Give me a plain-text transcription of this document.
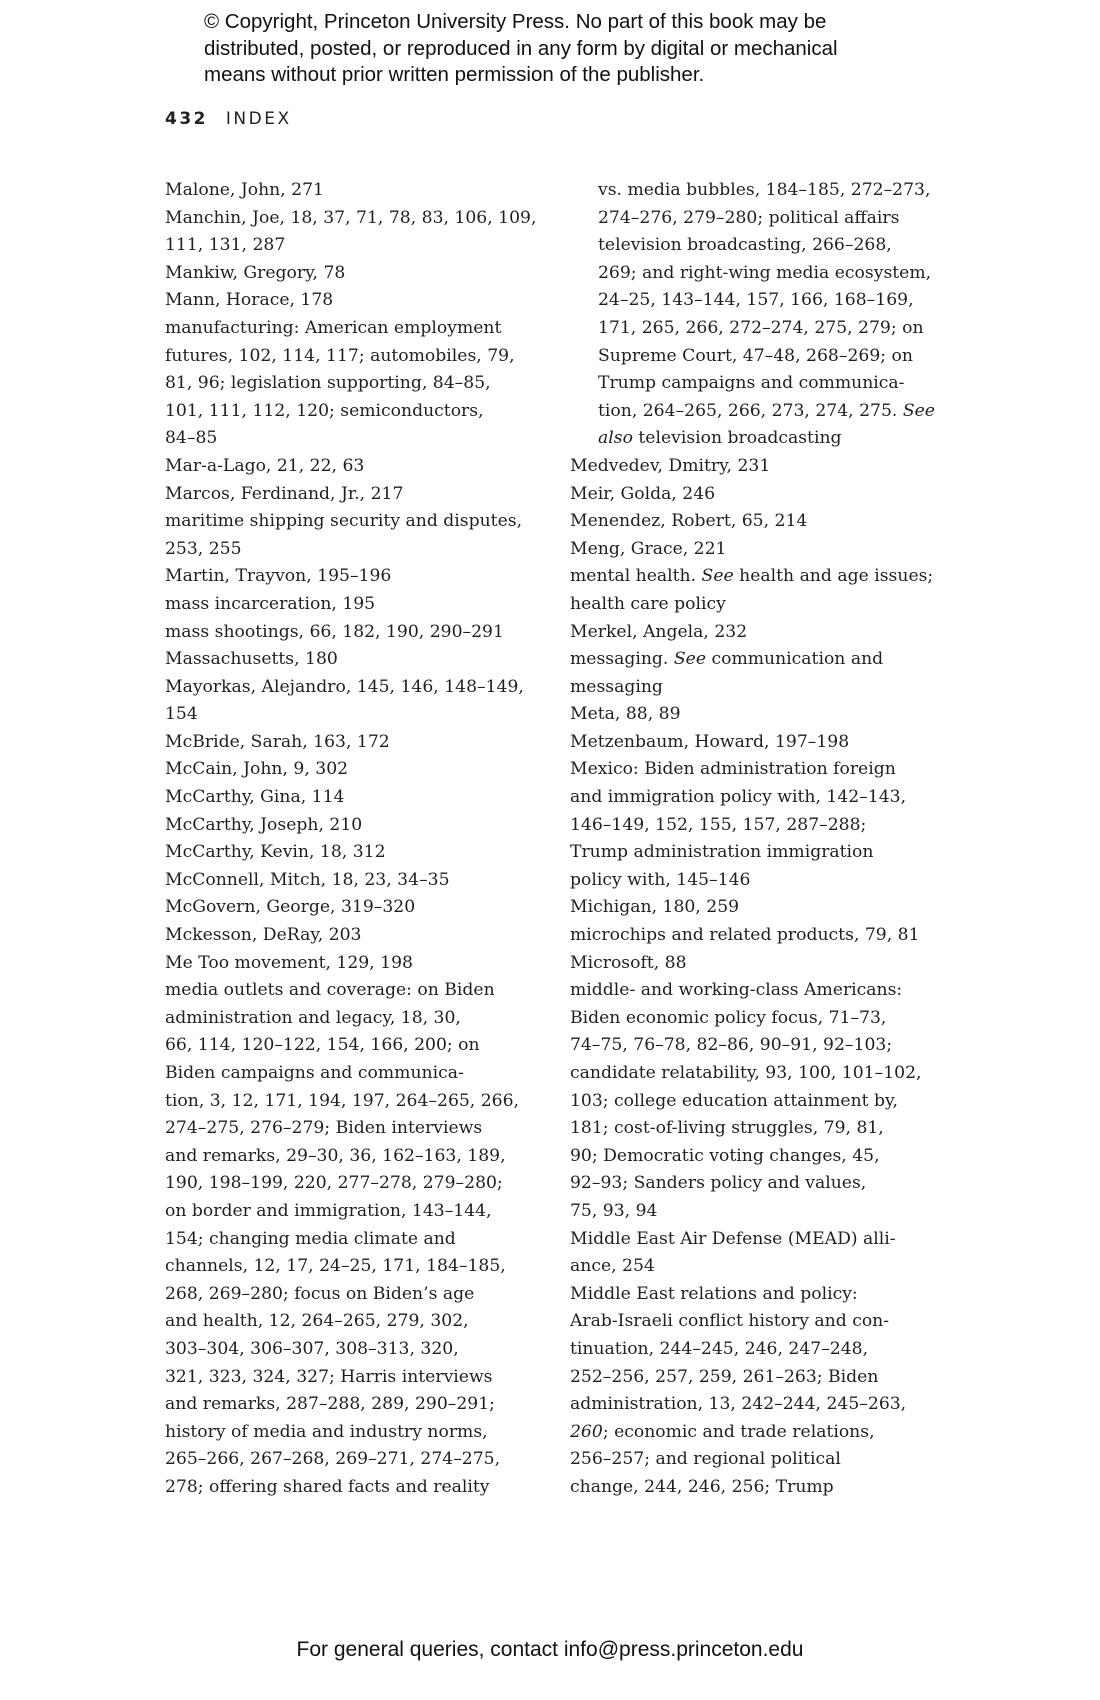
© Copyright, Princeton University Press. No part of this book may be
distributed, posted, or reproduced in any form by digital or mechanical
means without prior written permission of the publisher.
432 INDEX
Malone, John, 271
Manchin, Joe, 18, 37, 71, 78, 83, 106, 109,
111, 131, 287
Mankiw, Gregory, 78
Mann, Horace, 178
manufacturing: American employment
futures, 102, 114, 117; automobiles, 79,
81, 96; legislation supporting, 84–85,
101, 111, 112, 120; semiconductors,
84–85
Mar-a-Lago, 21, 22, 63
Marcos, Ferdinand, Jr., 217
maritime shipping security and disputes,
253, 255
Martin, Trayvon, 195–196
mass incarceration, 195
mass shootings, 66, 182, 190, 290–291
Massachusetts, 180
Mayorkas, Alejandro, 145, 146, 148–149,
154
McBride, Sarah, 163, 172
McCain, John, 9, 302
McCarthy, Gina, 114
McCarthy, Joseph, 210
McCarthy, Kevin, 18, 312
McConnell, Mitch, 18, 23, 34–35
McGovern, George, 319–320
Mckesson, DeRay, 203
Me Too movement, 129, 198
media outlets and coverage: on Biden
administration and legacy, 18, 30,
66, 114, 120–122, 154, 166, 200; on
Biden campaigns and communica-
tion, 3, 12, 171, 194, 197, 264–265, 266,
274–275, 276–279; Biden interviews
and remarks, 29–30, 36, 162–163, 189,
190, 198–199, 220, 277–278, 279–280;
on border and immigration, 143–144,
154; changing media climate and
channels, 12, 17, 24–25, 171, 184–185,
268, 269–280; focus on Biden’s age
and health, 12, 264–265, 279, 302,
303–304, 306–307, 308–313, 320,
321, 323, 324, 327; Harris interviews
and remarks, 287–288, 289, 290–291;
history of media and industry norms,
265–266, 267–268, 269–271, 274–275,
278; offering shared facts and reality
vs. media bubbles, 184–185, 272–273,
274–276, 279–280; political affairs
television broadcasting, 266–268,
269; and right-wing media ecosystem,
24–25, 143–144, 157, 166, 168–169,
171, 265, 266, 272–274, 275, 279; on
Supreme Court, 47–48, 268–269; on
Trump campaigns and communica-
tion, 264–265, 266, 273, 274, 275. See
also television broadcasting
Medvedev, Dmitry, 231
Meir, Golda, 246
Menendez, Robert, 65, 214
Meng, Grace, 221
mental health. See health and age issues;
health care policy
Merkel, Angela, 232
messaging. See communication and
messaging
Meta, 88, 89
Metzenbaum, Howard, 197–198
Mexico: Biden administration foreign
and immigration policy with, 142–143,
146–149, 152, 155, 157, 287–288;
Trump administration immigration
policy with, 145–146
Michigan, 180, 259
microchips and related products, 79, 81
Microsoft, 88
middle- and working-class Americans:
Biden economic policy focus, 71–73,
74–75, 76–78, 82–86, 90–91, 92–103;
candidate relatability, 93, 100, 101–102,
103; college education attainment by,
181; cost-of-living struggles, 79, 81,
90; Democratic voting changes, 45,
92–93; Sanders policy and values,
75, 93, 94
Middle East Air Defense (MEAD) alli-
ance, 254
Middle East relations and policy:
Arab-Israeli conflict history and con-
tinuation, 244–245, 246, 247–248,
252–256, 257, 259, 261–263; Biden
administration, 13, 242–244, 245–263,
260; economic and trade relations,
256–257; and regional political
change, 244, 246, 256; Trump
For general queries, contact info@press.princeton.edu
